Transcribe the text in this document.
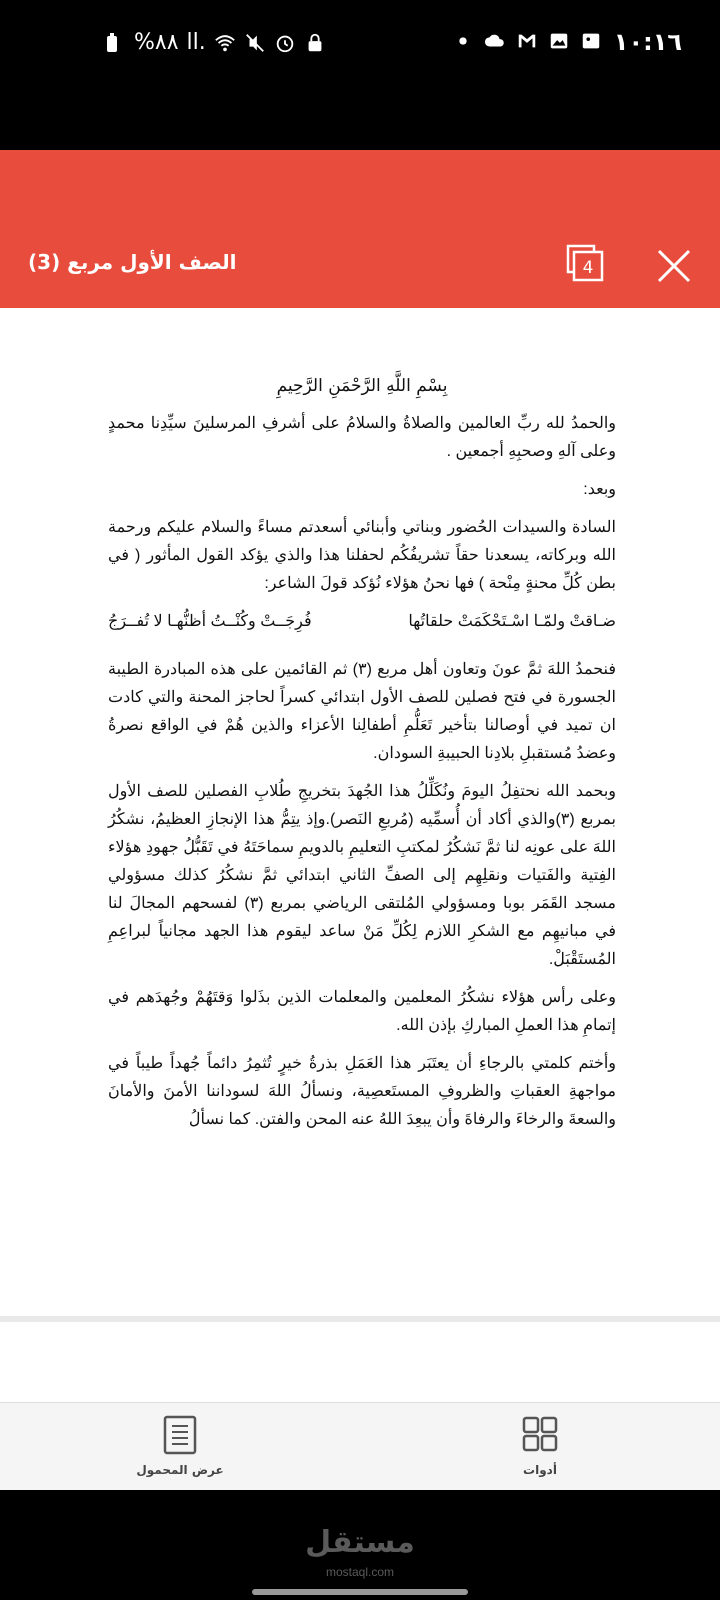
%٨٨ ll.	١٠:١٦
الصف الأول مربع (3)	4

بِسْمِ اللَّهِ الرَّحْمَنِ الرَّحِيمِ

والحمدُ لله ربِّ العالمين والصلاةُ والسلامُ على أشرفِ المرسلينَ سيِّدِنا محمدٍ وعلى آلهِ وصحبِهِ أجمعين .

وبعد:

السادة والسيدات الحُضور وبناتي وأبنائي أسعدتم مساءً والسلام عليكم ورحمة الله وبركاته، يسعدنا حقاً تشريفُكُم لحفلنا هذا والذي يؤكد القول المأثور ( في بطن كُلِّ محنةٍ مِنْحة ) فها نحنُ هؤلاء نُؤكد قولَ الشاعر:

ضـاقتْ ولمّـا اسْـتَحْكَمَتْ حلقاتُها
فُرِجَــتْ وكُنْــتُ أظنُّهـا لا تُفــرَجُ

فنحمدُ اللهَ ثمَّ عونَ وتعاون أهل مربع (٣) ثم القائمين على هذه المبادرة الطيبة الجسورة في فتح فصلين للصف الأول ابتدائي كسراً لحاجز المحنة والتي كادت ان تميد في أوصالنا بتأخير تَعَلُّمِ أطفالِنا الأعزاء والذين هُمْ في الواقع نصرةُ وعضدُ مُستقبلِ بلادِنا الحبيبةِ السودان.

وبحمد الله نحتفِلُ اليومَ ونُكَلِّلُ هذا الجُهدَ بتخريجِ طُلابِ الفصلين للصف الأول بمربع (٣)والذي أكاد أن أُسمِّيه (مُربعِ النَصر).وإذ يتِمُّ هذا الإنجازِ العظيمُ، نشكُرُ اللهَ على عونِه لنا ثمَّ نَشكُرُ لمكتبِ التعليمِ بالدويمِ سماحَتَهُ في تَقَبُّلُ جهودِ هؤلاء الفِتية والفَتيات ونقلِهِم إلى الصفِّ الثاني ابتدائي ثمَّ نشكُرُ كذلك مسؤولي مسجد القَمَر بوبا ومسؤولي المُلتقى الرياضي بمربع (٣) لفسحهم المجالَ لنا في مبانيهِم مع الشكرِ اللازم لِكُلِّ مَنْ ساعد ليقوم هذا الجهد مجانياً لبراعِمِ المُستَقْبَلْ.

وعلى رأس هؤلاء نشكُرُ المعلمين والمعلمات الذين بذَلوا وَقتَهُمْ وجُهدَهم في إتمامِ هذا العملِ المباركِ بإذن الله.

وأختم كلمتي بالرجاءِ أن يعتَبَر هذا العَمَلِ بذرةُ خيرٍ تُثمِرُ دائماً جُهداً طيباً في مواجهةِ العقباتِ والظروفِ المستَعصِية، ونسألُ اللهَ لسوداننا الأمنَ والأمانَ والسعةَ والرخاءَ والرفاةَ وأن يبعِدَ اللهُ عنه المحن والفتن. كما نسألُ

عرض المحمول	أدوات
مستقل
mostaql.com
